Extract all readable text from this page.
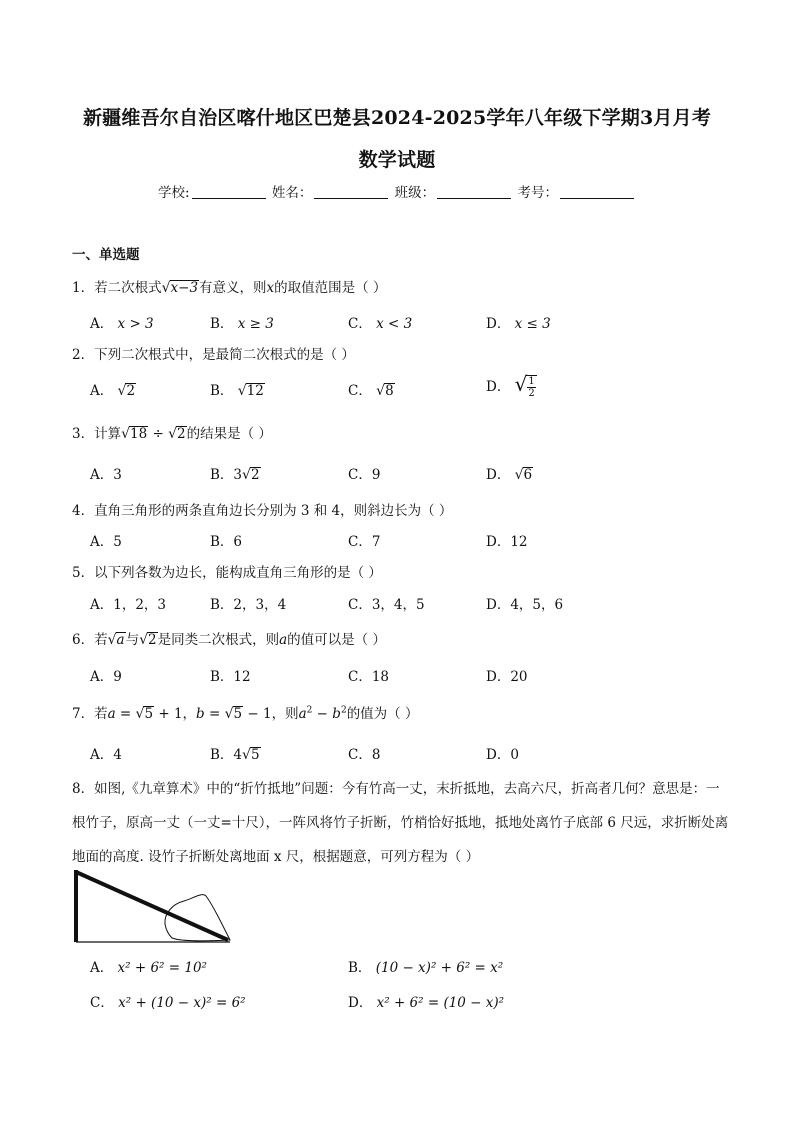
新疆维吾尔自治区喀什地区巴楚县2024-2025学年八年级下学期3月月考
数学试题
学校:	姓名：	班级：	考号：
一、单选题
1．若二次根式√x−3有意义，则x的取值范围是（ ）
A． x > 3	B． x ≥ 3	C． x < 3	D． x ≤ 3
2．下列二次根式中，是最简二次根式的是（ ）
A． √2	B． √12	C． √8	D． √ $\frac{1}{2}$
3．计算√18 ÷ √2的结果是（ ）
A．3	B．3√2	C．9	D． √6
4．直角三角形的两条直角边长分别为 3 和 4，则斜边长为（ ）
A．5	B．6	C．7	D．12
5．以下列各数为边长，能构成直角三角形的是（ ）
A．1，2，3	B．2，3，4	C．3，4，5	D．4，5，6
6．若√a与√2是同类二次根式，则a的值可以是（ ）
A．9	B．12	C．18	D．20
7．若a = √5 + 1，b = √5 − 1，则$a^2 - b^2$的值为（ ）
A．4	B．4√5	C．8	D．0
8．如图,《九章算术》中的“折竹抵地”问题：今有竹高一丈，末折抵地，去高六尺，折高者几何？意思是：一根竹子，原高一丈（一丈=十尺），一阵风将竹子折断，竹梢恰好抵地，抵地处离竹子底部 6 尺远，求折断处离地面的高度. 设竹子折断处离地面 x 尺，根据题意，可列方程为（ ）
A． x² + 6² = 10²	B． (10 − x)² + 6² = x²
C． x² + (10 − x)² = 6²	D． x² + 6² = (10 − x)²
